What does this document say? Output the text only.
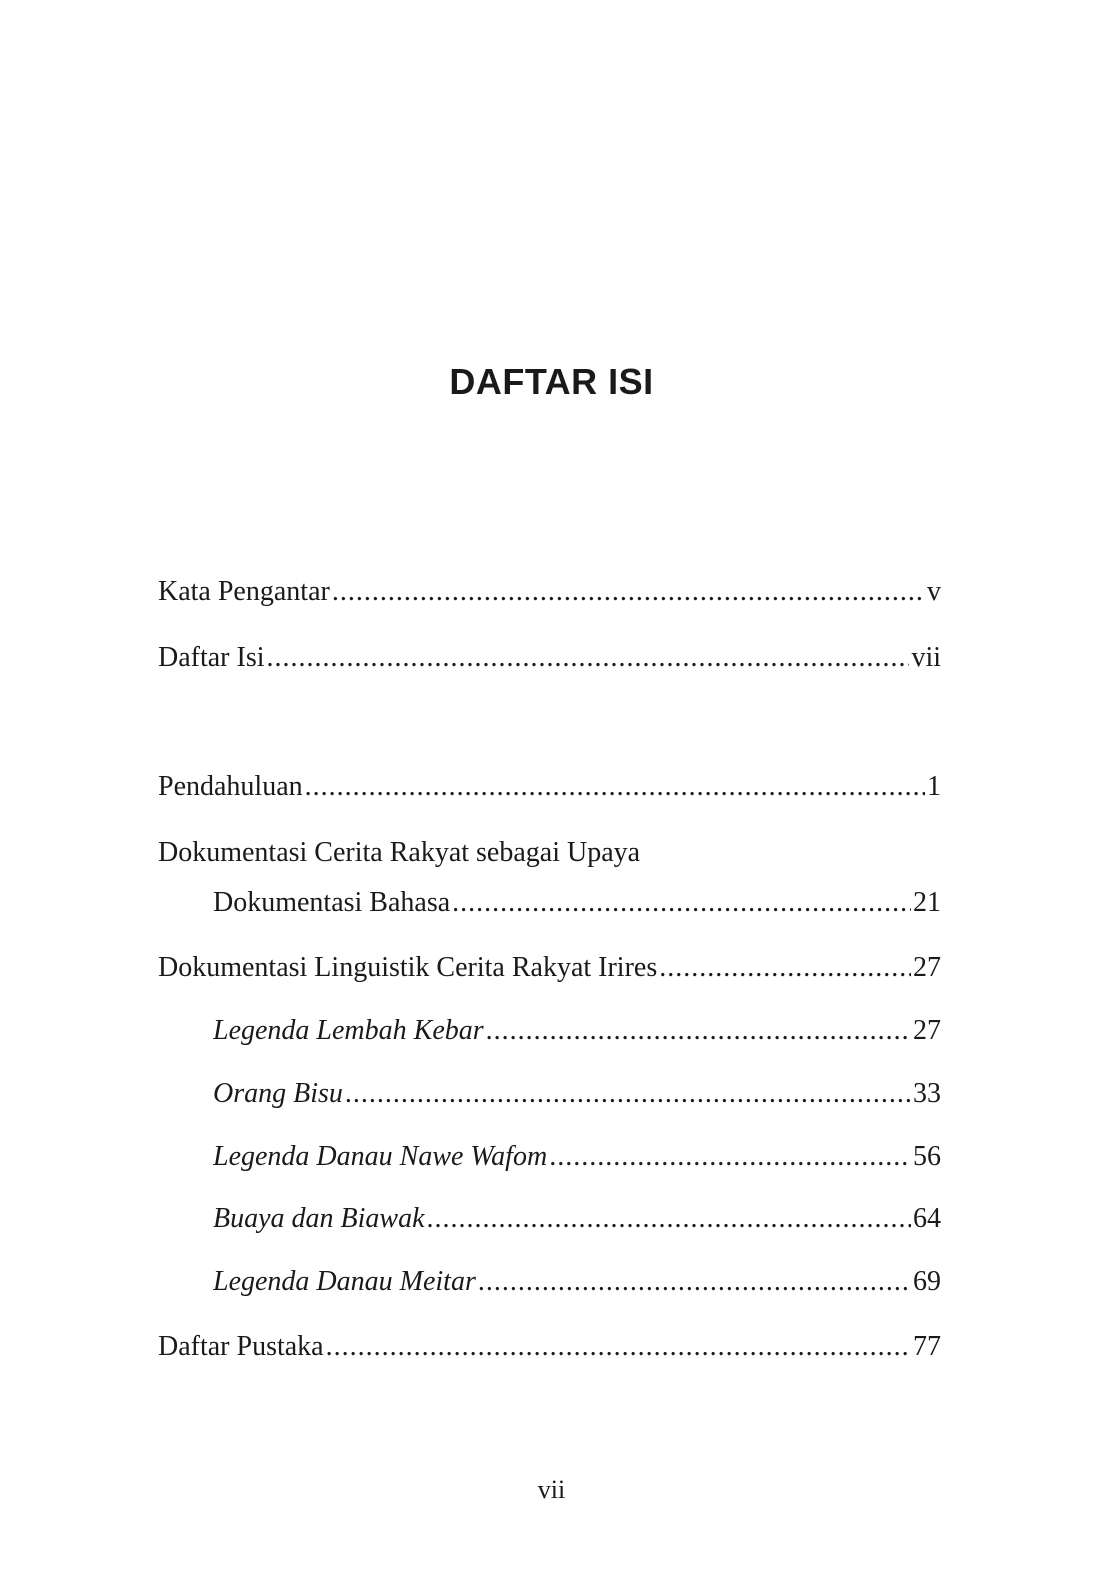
DAFTAR ISI
Kata Pengantar .....	v
Daftar Isi .....	vii
Pendahuluan .....	1
Dokumentasi Cerita Rakyat sebagai Upaya
Dokumentasi Bahasa .....	21
Dokumentasi Linguistik Cerita Rakyat Irires .....	27
Legenda Lembah Kebar .....	27
Orang Bisu .....	33
Legenda Danau Nawe Wafom .....	56
Buaya dan Biawak .....	64
Legenda Danau Meitar .....	69
Daftar Pustaka .....	77
vii
